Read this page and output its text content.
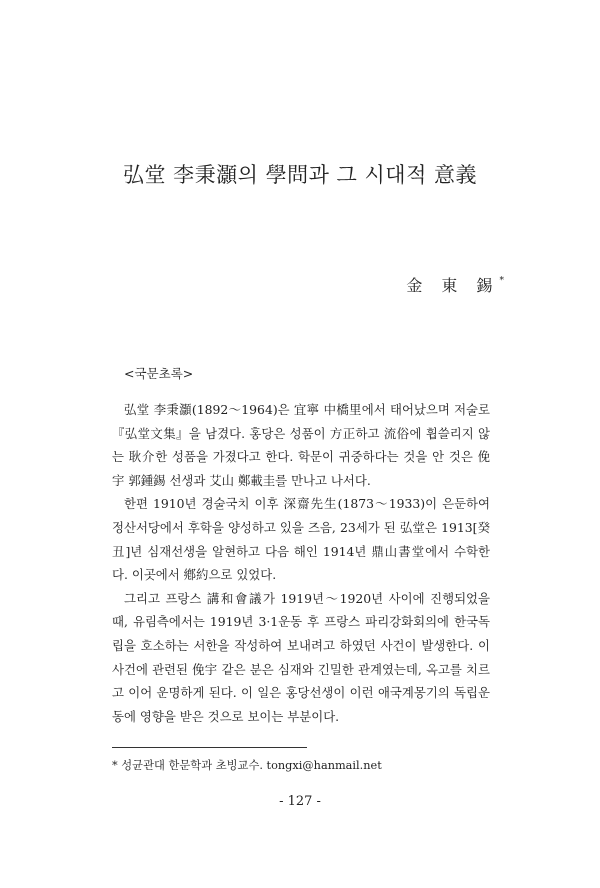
弘堂 李秉灝의 學問과 그 시대적 意義
金 東 錫*
<국문초록>

弘堂 李秉灝(1892～1964)은 宜寧 中橋里에서 태어났으며 저술로 『弘堂文集』을 남겼다. 홍당은 성품이 方正하고 流俗에 휩쓸리지 않는 耿介한 성품을 가졌다고 한다. 학문이 귀중하다는 것을 안 것은 俛宇 郭鍾錫 선생과 艾山 鄭載圭를 만나고 나서다.

한편 1910년 경술국치 이후 深齋先生(1873～1933)이 은둔하여 정산서당에서 후학을 양성하고 있을 즈음, 23세가 된 弘堂은 1913[癸丑]년 심재선생을 알현하고 다음 해인 1914년 鼎山書堂에서 수학한다. 이곳에서 鄕約으로 있었다.

그리고 프랑스 講和會議가 1919년～1920년 사이에 진행되었을 때, 유림측에서는 1919년 3·1운동 후 프랑스 파리강화회의에 한국독립을 호소하는 서한을 작성하여 보내려고 하였던 사건이 발생한다. 이 사건에 관련된 俛宇 같은 분은 심재와 긴밀한 관계였는데, 옥고를 치르고 이어 운명하게 된다. 이 일은 홍당선생이 이런 애국계몽기의 독립운동에 영향을 받은 것으로 보이는 부분이다.

* 성균관대 한문학과 초빙교수. tongxi@hanmail.net
- 127 -
